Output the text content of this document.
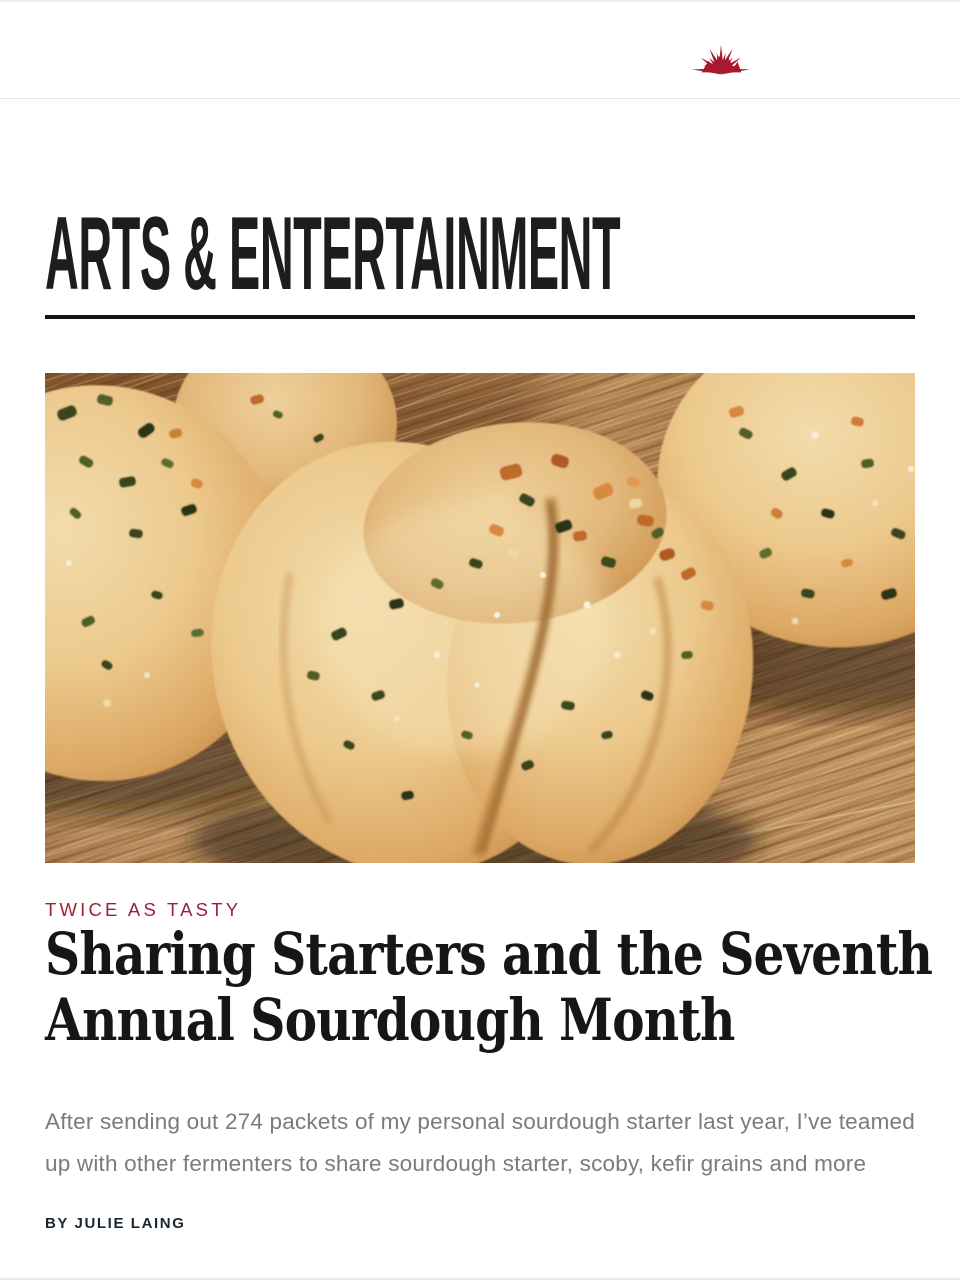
ARTS & ENTERTAINMENT
TWICE AS TASTY
Sharing Starters and the Seventh
Annual Sourdough Month

After sending out 274 packets of my personal sourdough starter last year, I’ve teamed up with other fermenters to share sourdough starter, scoby, kefir grains and more

BY JULIE LAING
